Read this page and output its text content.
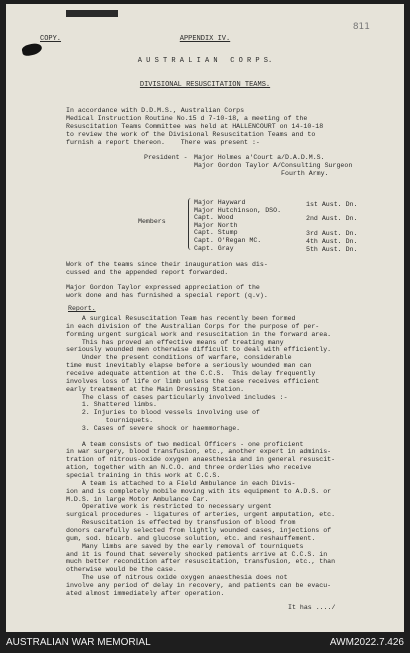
811
COPY.	APPENDIX IV.
A U S T R A L I A N   C O R P S.
DIVISIONAL RESUSCITATION TEAMS.
In accordance with D.D.M.S., Australian Corps
Medical Instruction Routine No.15 d 7-10-18, a meeting of the
Resuscitation Teams Committee was held at HALLENCOURT on 14-10-18
to review the work of the Divisional Resuscitation Teams and to
furnish a report thereon.    There was present :-
President - Major Holmes a'Court a/D.A.D.M.S.
Major Gordon Taylor A/Consulting Surgeon
Fourth Army.
Members
Major Hayward
Major Hutchinson, DSO.
Capt. Wood
Major North
Capt. Stump
Capt. O'Regan MC.
Capt. Gray
1st Aust. Dn.
2nd Aust. Dn.
3rd Aust. Dn.
4th Aust. Dn.
5th Aust. Dn.
Work of the teams since their inauguration was dis-
cussed and the appended report forwarded.
Major Gordon Taylor expressed appreciation of the
work done and has furnished a special report (q.v).
Report.
A surgical Resuscitation Team has recently been formed
in each division of the Australian Corps for the purpose of per-
forming urgent surgical work and resuscitation in the forward area.
This has proved an effective means of treating many
seriously wounded men otherwise difficult to deal with efficiently.
Under the present conditions of warfare, considerable
time must inevitably elapse before a seriously wounded man can
receive adequate attention at the C.C.S.  This delay frequently
involves loss of life or limb unless the case receives efficient
early treatment at the Main Dressing Station.
The class of cases particularly involved includes :-
1. Shattered limbs.
2. Injuries to blood vessels involving use of
tourniquets.
3. Cases of severe shock or haemmorhage.
A team consists of two medical Officers - one proficient
in war surgery, blood transfusion, etc., another expert in adminis-
tration of nitrous-oxide oxygen anaesthesia and in general resuscit-
ation, together with an N.C.O. and three orderlies who receive
special training in this work at C.C.S.
A team is attached to a Field Ambulance in each Divis-
ion and is completely mobile moving with its equipment to A.D.S. or
M.D.S. in large Motor Ambulance Car.
Operative work is restricted to necessary urgent
surgical procedures - ligatures of arteries, urgent amputation, etc.
Resuscitation is effected by transfusion of blood from
donors carefully selected from lightly wounded cases, injections of
gum, sod. bicarb. and glucose solution, etc. and reshauffement.
Many limbs are saved by the early removal of tourniquets
and it is found that severely shocked patients arrive at C.C.S. in
much better recondition after resuscitation, transfusion, etc., than
otherwise would be the case.
The use of nitrous oxide oxygen anaesthesia does not
involve any period of delay in recovery, and patients can be evacu-
ated almost immediately after operation.
It has ..../
AUSTRALIAN WAR MEMORIAL	AWM2022.7.426
